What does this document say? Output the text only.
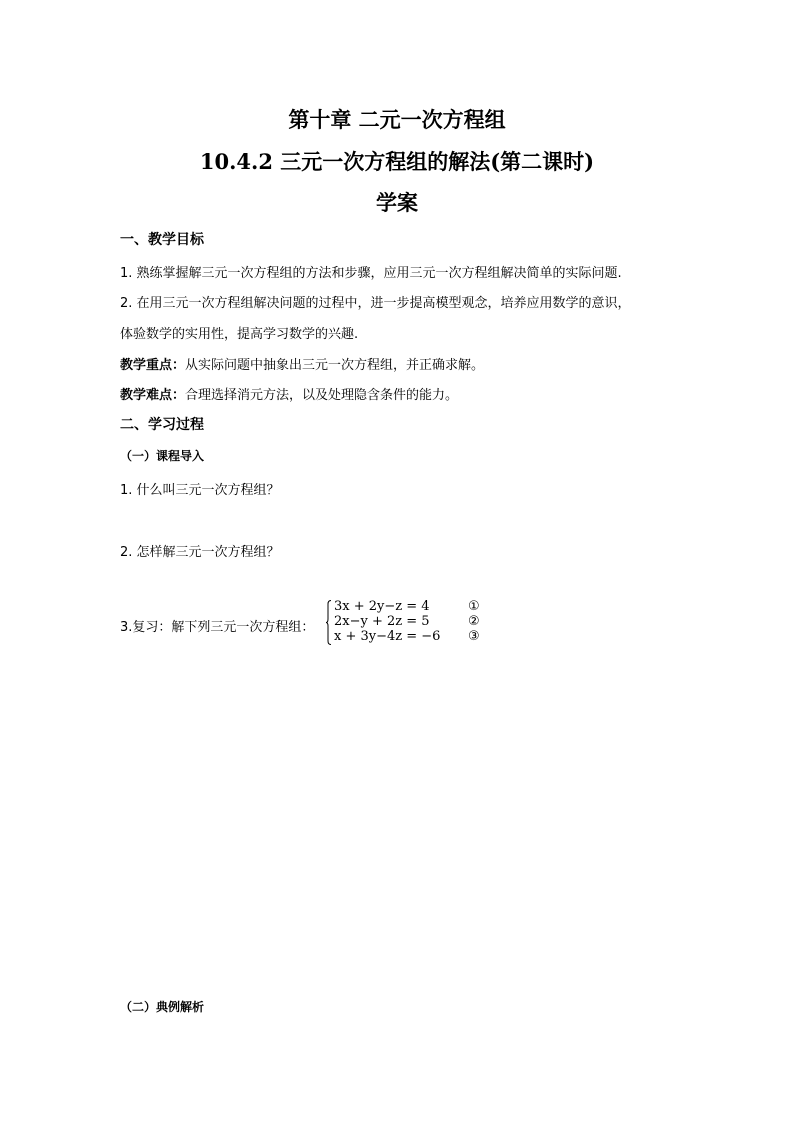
第十章 二元一次方程组
10.4.2 三元一次方程组的解法(第二课时)
学案
一、教学目标
1. 熟练掌握解三元一次方程组的方法和步骤，应用三元一次方程组解决简单的实际问题.
2. 在用三元一次方程组解决问题的过程中，进一步提高模型观念，培养应用数学的意识，
体验数学的实用性，提高学习数学的兴趣.
教学重点：从实际问题中抽象出三元一次方程组，并正确求解。
教学难点：合理选择消元方法，以及处理隐含条件的能力。
二、学习过程
（一）课程导入
1. 什么叫三元一次方程组？
2. 怎样解三元一次方程组？
3.复习：解下列三元一次方程组：
3x + 2y−z = 4
2x−y + 2z = 5
x + 3y−4z = −6
①
②
③
（二）典例解析
